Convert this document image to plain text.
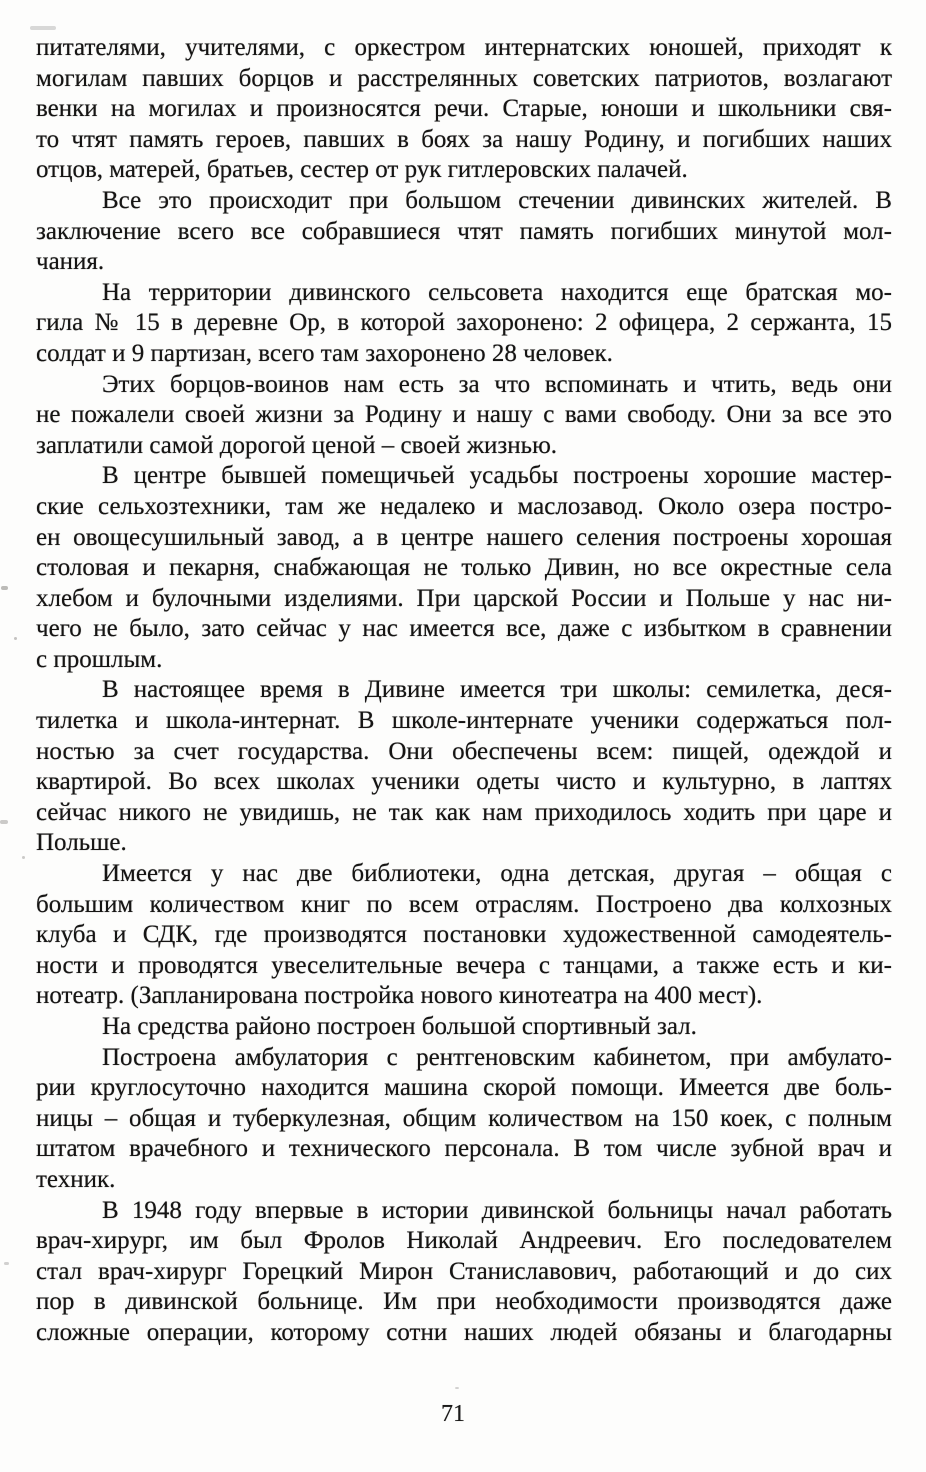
питателями, учителями, с оркестром интернатских юношей, приходят к
могилам павших борцов и расстрелянных советских патриотов, возлагают
венки на могилах и произносятся речи. Старые, юноши и школьники свя-
то чтят память героев, павших в боях за нашу Родину, и погибших наших
отцов, матерей, братьев, сестер от рук гитлеровских палачей.
Все это происходит при большом стечении дивинских жителей. В
заключение всего все собравшиеся чтят память погибших минутой мол-
чания.
На территории дивинского сельсовета находится еще братская мо-
гила № 15 в деревне Ор, в которой захоронено: 2 офицера, 2 сержанта, 15
солдат и 9 партизан, всего там захоронено 28 человек.
Этих борцов-воинов нам есть за что вспоминать и чтить, ведь они
не пожалели своей жизни за Родину и нашу с вами свободу. Они за все это
заплатили самой дорогой ценой – своей жизнью.
В центре бывшей помещичьей усадьбы построены хорошие мастер-
ские сельхозтехники, там же недалеко и маслозавод. Около озера постро-
ен овощесушильный завод, а в центре нашего селения построены хорошая
столовая и пекарня, снабжающая не только Дивин, но все окрестные села
хлебом и булочными изделиями. При царской России и Польше у нас ни-
чего не было, зато сейчас у нас имеется все, даже с избытком в сравнении
с прошлым.
В настоящее время в Дивине имеется три школы: семилетка, деся-
тилетка и школа-интернат. В школе-интернате ученики содержаться пол-
ностью за счет государства. Они обеспечены всем: пищей, одеждой и
квартирой. Во всех школах ученики одеты чисто и культурно, в лаптях
сейчас никого не увидишь, не так как нам приходилось ходить при царе и
Польше.
Имеется у нас две библиотеки, одна детская, другая – общая с
большим количеством книг по всем отраслям. Построено два колхозных
клуба и СДК, где производятся постановки художественной самодеятель-
ности и проводятся увеселительные вечера с танцами, а также есть и ки-
нотеатр. (Запланирована постройка нового кинотеатра на 400 мест).
На средства районо построен большой спортивный зал.
Построена амбулатория с рентгеновским кабинетом, при амбулато-
рии круглосуточно находится машина скорой помощи. Имеется две боль-
ницы – общая и туберкулезная, общим количеством на 150 коек, с полным
штатом врачебного и технического персонала. В том числе зубной врач и
техник.
В 1948 году впервые в истории дивинской больницы начал работать
врач-хирург, им был Фролов Николай Андреевич. Его последователем
стал врач-хирург Горецкий Мирон Станиславович, работающий и до сих
пор в дивинской больнице. Им при необходимости производятся даже
сложные операции, которому сотни наших людей обязаны и благодарны
71
